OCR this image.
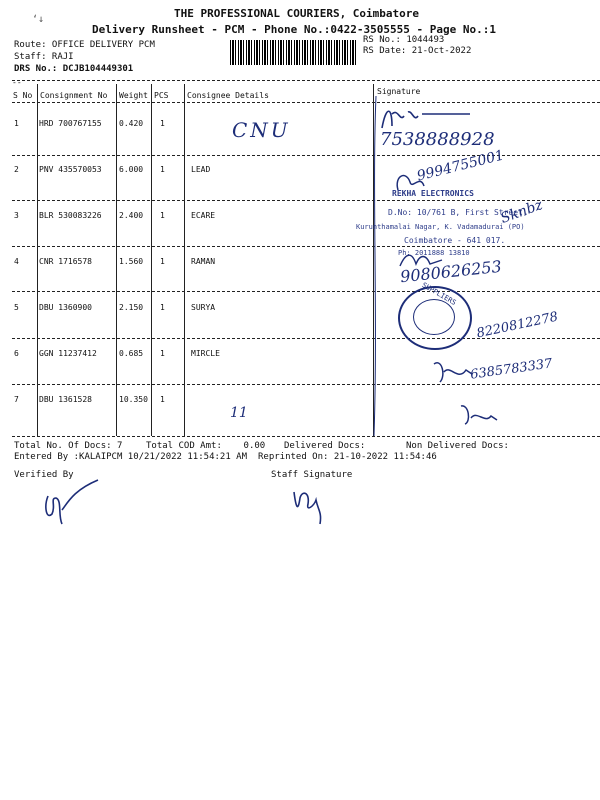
ʻ↓	THE PROFESSIONAL COURIERS, Coimbatore
Delivery Runsheet - PCM - Phone No.:0422-3505555 - Page No.:1
Route: OFFICE DELIVERY PCM
Staff: RAJI
DRS No.: DCJB104449301
RS No.: 1044493
RS Date: 21-Oct-2022
--
S No Consignment No Weight PCS Consignee Details	Signature
1	HRD 700767155 0.420 1
2	PNV 435570053 6.000 1	LEAD
3	BLR 530083226 2.400 1	ECARE
4	CNR 1716578	1.560 1	RAMAN
5	DBU 1360900	2.150 1	SURYA
6	GGN 11237412	0.685 1	MIRCLE
7	DBU 1361528	10.350 1
CNU	7538888928
9994755001
REKHA ELECTRONICS
D.No: 10/761 B, First Street,
Kurunthamalai Nagar, K. Vadamadurai (PO)
Coimbatore - 641 017.
Ph: 2011888 13810
Sknbz
9080626253
SUPPLIERS
8220812278
6385783337
11
Total No. Of Docs: 7	Total COD Amt:    0.00 Delivered Docs:	Non Delivered Docs:
Entered By :KALAIPCM 10/21/2022 11:54:21 AM Reprinted On: 21-10-2022 11:54:46
Verified By	Staff Signature
